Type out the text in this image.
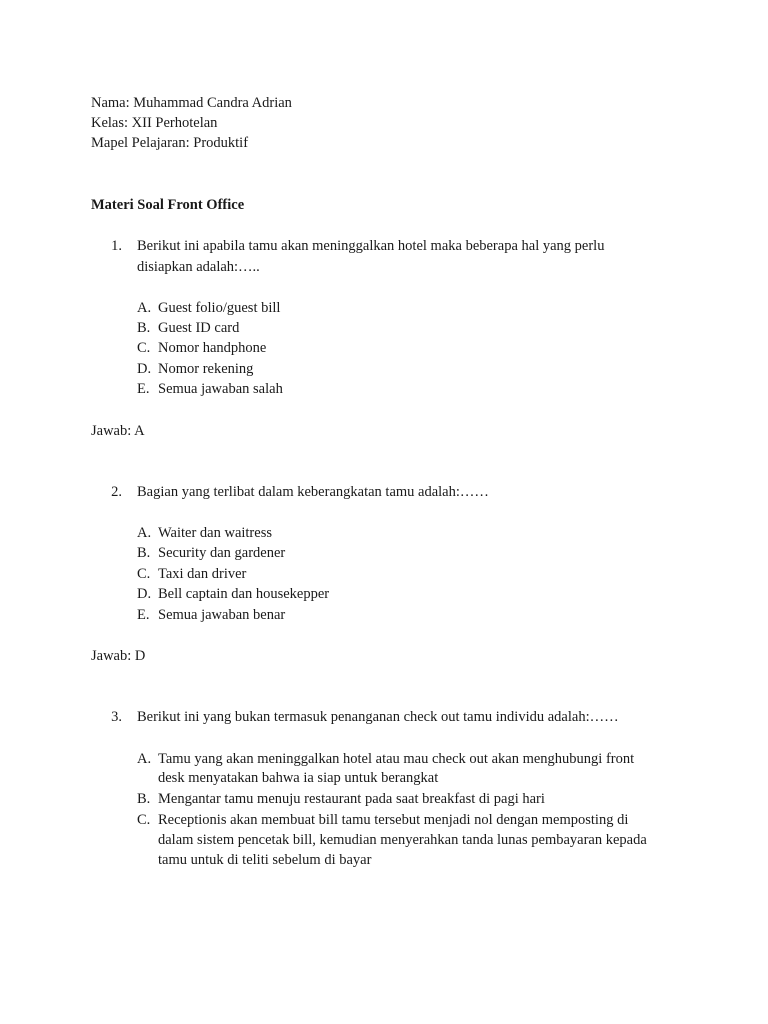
Nama: Muhammad Candra Adrian
Kelas: XII Perhotelan
Mapel Pelajaran: Produktif
Materi Soal Front Office
1. Berikut ini apabila tamu akan meninggalkan hotel maka beberapa hal yang perlu
disiapkan adalah:…..
A. Guest folio/guest bill
B. Guest ID card
C. Nomor handphone
D. Nomor rekening
E. Semua jawaban salah
Jawab: A
2. Bagian yang terlibat dalam keberangkatan tamu adalah:……
A. Waiter dan waitress
B. Security dan gardener
C. Taxi dan driver
D. Bell captain dan housekepper
E. Semua jawaban benar
Jawab: D
3. Berikut ini yang bukan termasuk penanganan check out tamu individu adalah:……
A. Tamu yang akan meninggalkan hotel atau mau check out akan menghubungi front
desk menyatakan bahwa ia siap untuk berangkat
B. Mengantar tamu menuju restaurant pada saat breakfast di pagi hari
C. Receptionis akan membuat bill tamu tersebut menjadi nol dengan memposting di
dalam sistem pencetak bill, kemudian menyerahkan tanda lunas pembayaran kepada
tamu untuk di teliti sebelum di bayar
